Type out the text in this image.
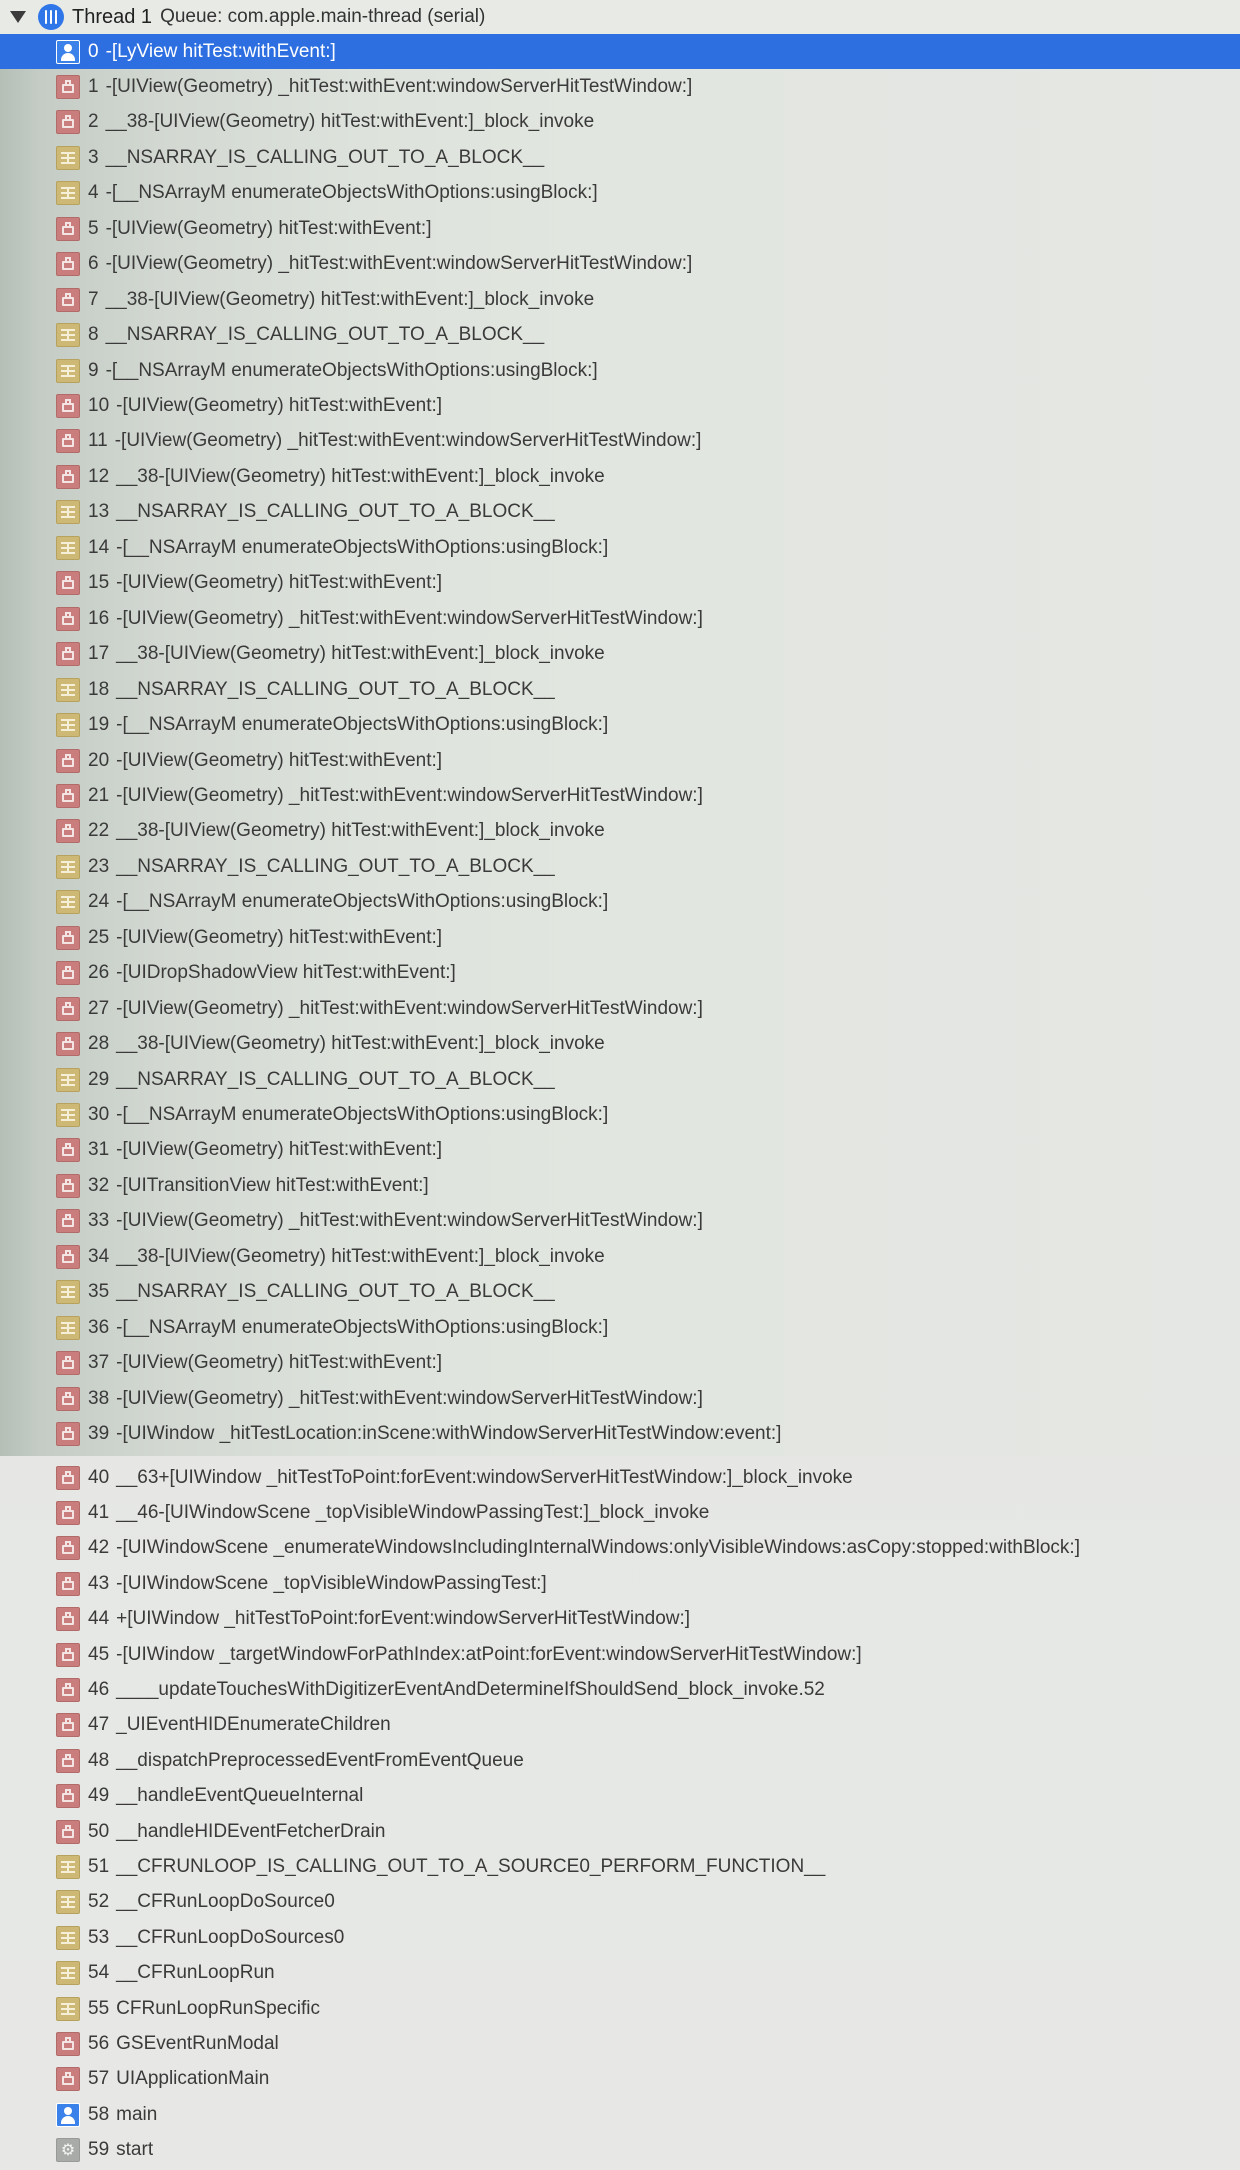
Thread 1 Queue: com.apple.main-thread (serial)
0 -[LyView hitTest:withEvent:]
1 -[UIView(Geometry) _hitTest:withEvent:windowServerHitTestWindow:]
2 __38-[UIView(Geometry) hitTest:withEvent:]_block_invoke
3 __NSARRAY_IS_CALLING_OUT_TO_A_BLOCK__
4 -[__NSArrayM enumerateObjectsWithOptions:usingBlock:]
5 -[UIView(Geometry) hitTest:withEvent:]
6 -[UIView(Geometry) _hitTest:withEvent:windowServerHitTestWindow:]
7 __38-[UIView(Geometry) hitTest:withEvent:]_block_invoke
8 __NSARRAY_IS_CALLING_OUT_TO_A_BLOCK__
9 -[__NSArrayM enumerateObjectsWithOptions:usingBlock:]
10 -[UIView(Geometry) hitTest:withEvent:]
11 -[UIView(Geometry) _hitTest:withEvent:windowServerHitTestWindow:]
12 __38-[UIView(Geometry) hitTest:withEvent:]_block_invoke
13 __NSARRAY_IS_CALLING_OUT_TO_A_BLOCK__
14 -[__NSArrayM enumerateObjectsWithOptions:usingBlock:]
15 -[UIView(Geometry) hitTest:withEvent:]
16 -[UIView(Geometry) _hitTest:withEvent:windowServerHitTestWindow:]
17 __38-[UIView(Geometry) hitTest:withEvent:]_block_invoke
18 __NSARRAY_IS_CALLING_OUT_TO_A_BLOCK__
19 -[__NSArrayM enumerateObjectsWithOptions:usingBlock:]
20 -[UIView(Geometry) hitTest:withEvent:]
21 -[UIView(Geometry) _hitTest:withEvent:windowServerHitTestWindow:]
22 __38-[UIView(Geometry) hitTest:withEvent:]_block_invoke
23 __NSARRAY_IS_CALLING_OUT_TO_A_BLOCK__
24 -[__NSArrayM enumerateObjectsWithOptions:usingBlock:]
25 -[UIView(Geometry) hitTest:withEvent:]
26 -[UIDropShadowView hitTest:withEvent:]
27 -[UIView(Geometry) _hitTest:withEvent:windowServerHitTestWindow:]
28 __38-[UIView(Geometry) hitTest:withEvent:]_block_invoke
29 __NSARRAY_IS_CALLING_OUT_TO_A_BLOCK__
30 -[__NSArrayM enumerateObjectsWithOptions:usingBlock:]
31 -[UIView(Geometry) hitTest:withEvent:]
32 -[UITransitionView hitTest:withEvent:]
33 -[UIView(Geometry) _hitTest:withEvent:windowServerHitTestWindow:]
34 __38-[UIView(Geometry) hitTest:withEvent:]_block_invoke
35 __NSARRAY_IS_CALLING_OUT_TO_A_BLOCK__
36 -[__NSArrayM enumerateObjectsWithOptions:usingBlock:]
37 -[UIView(Geometry) hitTest:withEvent:]
38 -[UIView(Geometry) _hitTest:withEvent:windowServerHitTestWindow:]
39 -[UIWindow _hitTestLocation:inScene:withWindowServerHitTestWindow:event:]
40 __63+[UIWindow _hitTestToPoint:forEvent:windowServerHitTestWindow:]_block_invoke
41 __46-[UIWindowScene _topVisibleWindowPassingTest:]_block_invoke
42 -[UIWindowScene _enumerateWindowsIncludingInternalWindows:onlyVisibleWindows:asCopy:stopped:withBlock:]
43 -[UIWindowScene _topVisibleWindowPassingTest:]
44 +[UIWindow _hitTestToPoint:forEvent:windowServerHitTestWindow:]
45 -[UIWindow _targetWindowForPathIndex:atPoint:forEvent:windowServerHitTestWindow:]
46 ____updateTouchesWithDigitizerEventAndDetermineIfShouldSend_block_invoke.52
47 _UIEventHIDEnumerateChildren
48 __dispatchPreprocessedEventFromEventQueue
49 __handleEventQueueInternal
50 __handleHIDEventFetcherDrain
51 __CFRUNLOOP_IS_CALLING_OUT_TO_A_SOURCE0_PERFORM_FUNCTION__
52 __CFRunLoopDoSource0
53 __CFRunLoopDoSources0
54 __CFRunLoopRun
55 CFRunLoopRunSpecific
56 GSEventRunModal
57 UIApplicationMain
58 main
⚙
59 start
